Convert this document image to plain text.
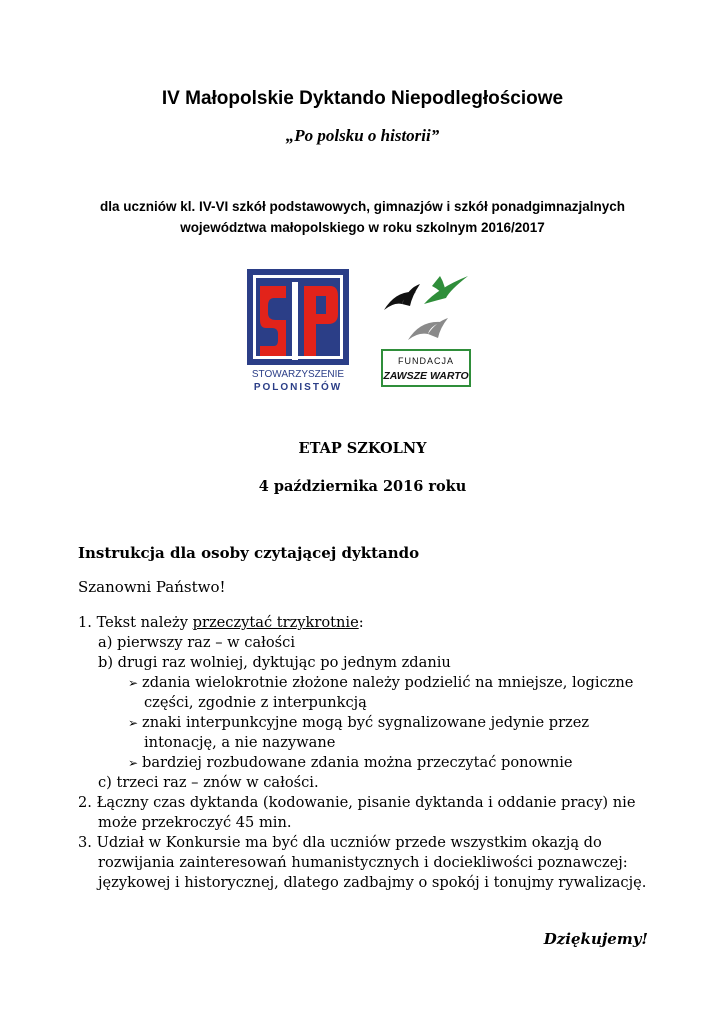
IV Małopolskie Dyktando Niepodległościowe
„Po polsku o historii”
dla uczniów kl. IV-VI szkół podstawowych, gimnazjów i szkół ponadgimnazjalnych
województwa małopolskiego w roku szkolnym 2016/2017
STOWARZYSZENIE
POLONISTÓW
FUNDACJA
ZAWSZE WARTO
ETAP SZKOLNY
4 października 2016 roku
Instrukcja dla osoby czytającej dyktando
Szanowni Państwo!
1. Tekst należy przeczytać trzykrotnie:
a) pierwszy raz – w całości
b) drugi raz wolniej, dyktując po jednym zdaniu
➢ zdania wielokrotnie złożone należy podzielić na mniejsze, logiczne
części, zgodnie z interpunkcją
➢ znaki interpunkcyjne mogą być sygnalizowane jedynie przez
intonację, a nie nazywane
➢ bardziej rozbudowane zdania można przeczytać ponownie
c) trzeci raz – znów w całości.
2. Łączny czas dyktanda (kodowanie, pisanie dyktanda i oddanie pracy) nie
może przekroczyć 45 min.
3. Udział w Konkursie ma być dla uczniów przede wszystkim okazją do
rozwijania zainteresowań humanistycznych i dociekliwości poznawczej:
językowej i historycznej, dlatego zadbajmy o spokój i tonujmy rywalizację.
Dziękujemy!
